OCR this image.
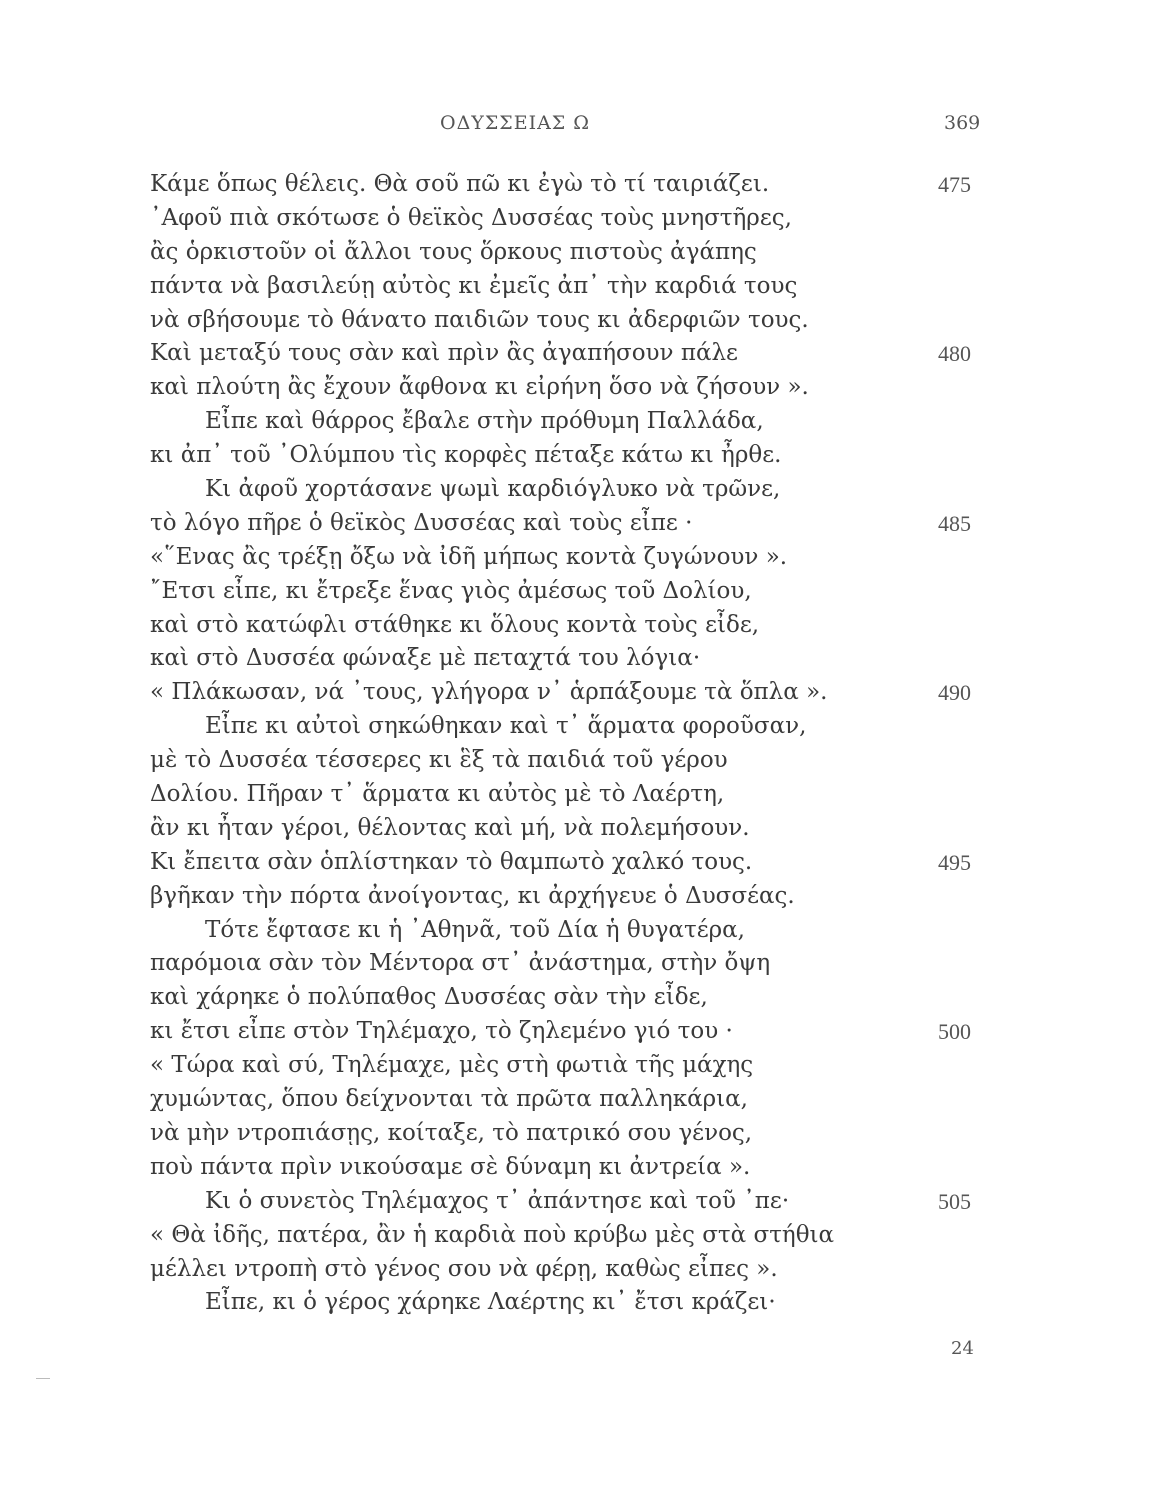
ΟΔΥΣΣΕΙΑΣ Ω	369
Κάμε ὅπως θέλεις. Θὰ σοῦ πῶ κι ἐγὼ τὸ τί ταιριάζει.	475
᾿Αφοῦ πιὰ σκότωσε ὁ θεϊκὸς Δυσσέας τοὺς μνηστῆρες,
ἂς ὁρκιστοῦν οἱ ἄλλοι τους ὅρκους πιστοὺς ἀγάπης
πάντα νὰ βασιλεύῃ αὐτὸς κι ἐμεῖς ἀπ᾿ τὴν καρδιά τους
νὰ σβήσουμε τὸ θάνατο παιδιῶν τους κι ἀδερφιῶν τους.
Καὶ μεταξύ τους σὰν καὶ πρὶν ἂς ἀγαπήσουν πάλε	480
καὶ πλούτη ἂς ἔχουν ἄφθονα κι εἰρήνη ὅσο νὰ ζήσουν ».
Εἶπε καὶ θάρρος ἔβαλε στὴν πρόθυμη Παλλάδα,
κι ἀπ᾿ τοῦ ᾿Ολύμπου τὶς κορφὲς πέταξε κάτω κι ἦρθε.
Κι ἀφοῦ χορτάσανε ψωμὶ καρδιόγλυκο νὰ τρῶνε,
τὸ λόγο πῆρε ὁ θεϊκὸς Δυσσέας καὶ τοὺς εἶπε ·	485
«῞Ενας ἂς τρέξῃ ὄξω νὰ ἰδῆ μήπως κοντὰ ζυγώνουν ».
῎Ετσι εἶπε, κι ἔτρεξε ἕνας γιὸς ἀμέσως τοῦ Δολίου,
καὶ στὸ κατώφλι στάθηκε κι ὅλους κοντὰ τοὺς εἶδε,
καὶ στὸ Δυσσέα φώναξε μὲ πεταχτά του λόγια·
« Πλάκωσαν, νά ᾿τους, γλήγορα ν᾿ ἁρπάξουμε τὰ ὅπλα ».	490
Εἶπε κι αὐτοὶ σηκώθηκαν καὶ τ᾿ ἅρματα φοροῦσαν,
μὲ τὸ Δυσσέα τέσσερες κι ἓξ τὰ παιδιά τοῦ γέρου
Δολίου. Πῆραν τ᾿ ἅρματα κι αὐτὸς μὲ τὸ Λαέρτη,
ἂν κι ἦταν γέροι, θέλοντας καὶ μή, νὰ πολεμήσουν.
Κι ἔπειτα σὰν ὁπλίστηκαν τὸ θαμπωτὸ χαλκό τους.	495
βγῆκαν τὴν πόρτα ἀνοίγοντας, κι ἀρχήγευε ὁ Δυσσέας.
Τότε ἔφτασε κι ἡ ᾿Αθηνᾶ, τοῦ Δία ἡ θυγατέρα,
παρόμοια σὰν τὸν Μέντορα στ᾿ ἀνάστημα, στὴν ὄψη
καὶ χάρηκε ὁ πολύπαθος Δυσσέας σὰν τὴν εἶδε,
κι ἔτσι εἶπε στὸν Τηλέμαχο, τὸ ζηλεμένο γιό του ·	500
« Τώρα καὶ σύ, Τηλέμαχε, μὲς στὴ φωτιὰ τῆς μάχης
χυμώντας, ὅπου δείχνονται τὰ πρῶτα παλληκάρια,
νὰ μὴν ντροπιάσῃς, κοίταξε, τὸ πατρικό σου γένος,
ποὺ πάντα πρὶν νικούσαμε σὲ δύναμη κι ἀντρεία ».
Κι ὁ συνετὸς Τηλέμαχος τ᾿ ἀπάντησε καὶ τοῦ ᾿πε·	505
« Θὰ ἰδῆς, πατέρα, ἂν ἡ καρδιὰ ποὺ κρύβω μὲς στὰ στήθια
μέλλει ντροπὴ στὸ γένος σου νὰ φέρῃ, καθὼς εἶπες ».
Εἶπε, κι ὁ γέρος χάρηκε Λαέρτης κι᾿ ἔτσι κράζει·
24
